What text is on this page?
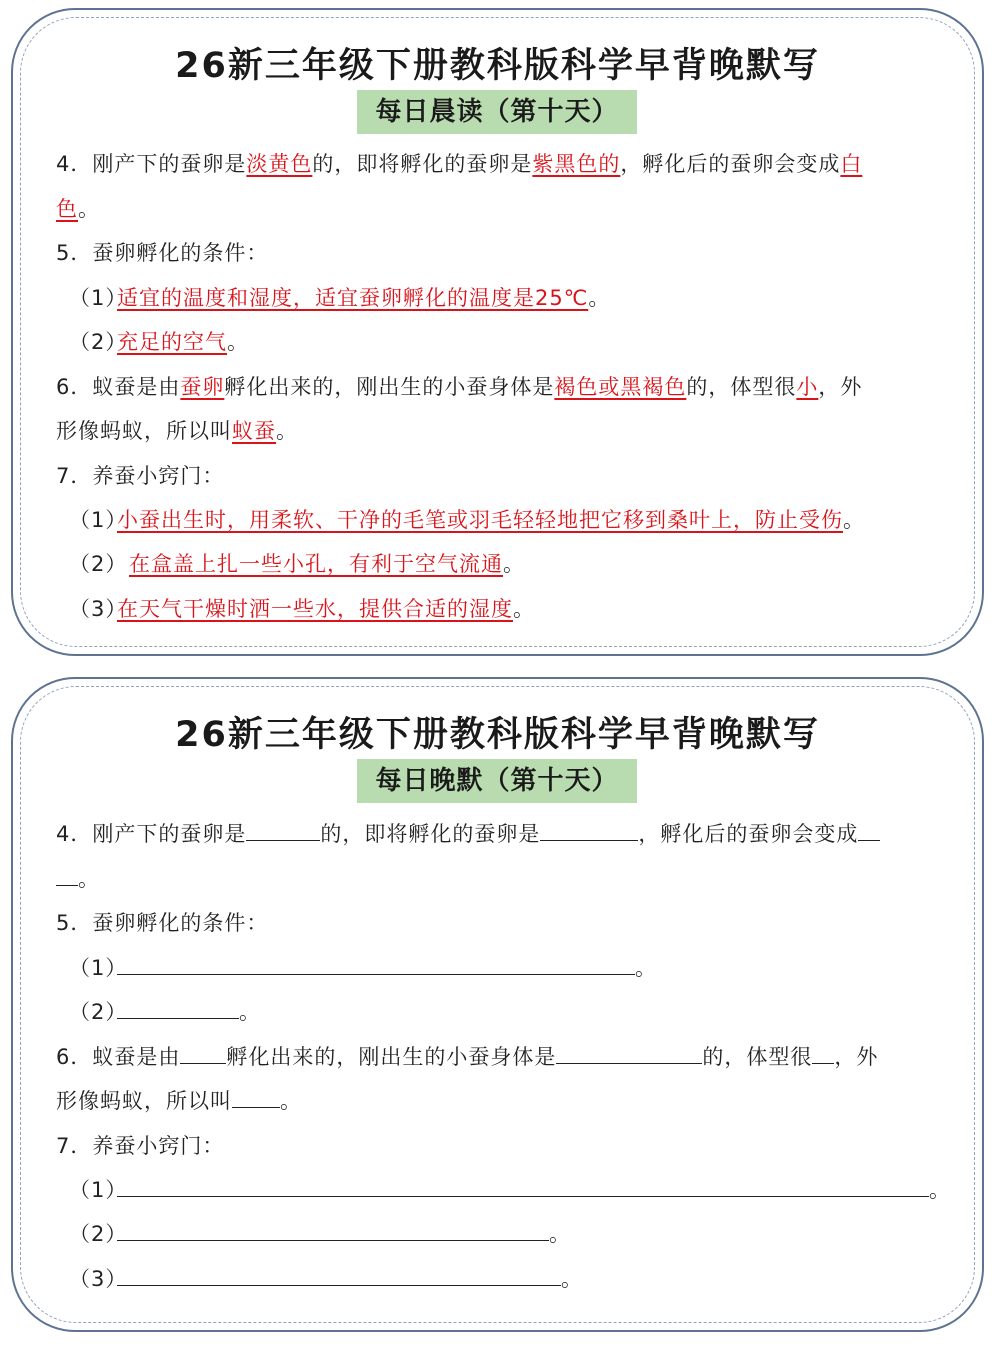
26新三年级下册教科版科学早背晚默写
每日晨读（第十天）
4．刚产下的蚕卵是淡黄色的，即将孵化的蚕卵是紫黑色的，孵化后的蚕卵会变成白
色。
5．蚕卵孵化的条件：
（1）适宜的温度和湿度，适宜蚕卵孵化的温度是25℃。
（2）充足的空气。
6．蚁蚕是由蚕卵孵化出来的，刚出生的小蚕身体是褐色或黑褐色的，体型很小，外
形像蚂蚁，所以叫蚁蚕。
7．养蚕小窍门：
（1）小蚕出生时，用柔软、干净的毛笔或羽毛轻轻地把它移到桑叶上，防止受伤。
（2）在盒盖上扎一些小孔，有利于空气流通。
（3）在天气干燥时洒一些水，提供合适的湿度。
26新三年级下册教科版科学早背晚默写
每日晚默（第十天）
4．刚产下的蚕卵是	的，即将孵化的蚕卵是	，孵化后的蚕卵会变成
。
5．蚕卵孵化的条件：
（1）	。
（2）	。
6．蚁蚕是由 孵化出来的，刚出生的小蚕身体是	的，体型很 ，外
形像蚂蚁，所以叫 。
7．养蚕小窍门：
（1）	。
（2）	。
（3）	。
